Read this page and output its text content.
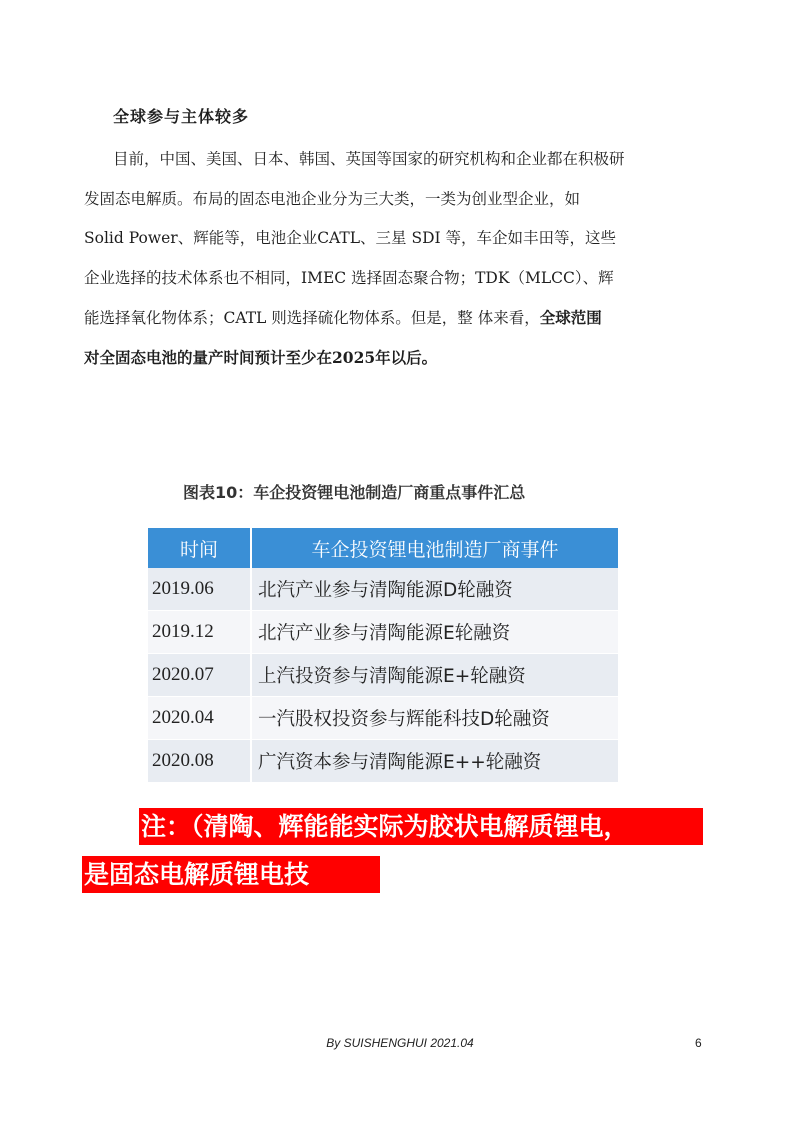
全球参与主体较多
目前，中国、美国、日本、韩国、英国等国家的研究机构和企业都在积极研
发固态电解质。布局的固态电池企业分为三大类，一类为创业型企业，如
Solid Power、辉能等，电池企业CATL、三星 SDI 等，车企如丰田等，这些
企业选择的技术体系也不相同，IMEC 选择固态聚合物；TDK（MLCC）、辉
能选择氧化物体系；CATL 则选择硫化物体系。但是，整 体来看，全球范围
对全固态电池的量产时间预计至少在2025年以后。
图表10：车企投资锂电池制造厂商重点事件汇总
时间	车企投资锂电池制造厂商事件
2019.06	北汽产业参与清陶能源D轮融资
2019.12	北汽产业参与清陶能源E轮融资
2020.07	上汽投资参与清陶能源E+轮融资
2020.04	一汽股权投资参与辉能科技D轮融资
2020.08	广汽资本参与清陶能源E++轮融资
注：（清陶、辉能能实际为胶状电解质锂电，
是固态电解质锂电技
By SUISHENGHUI 2021.04	6
